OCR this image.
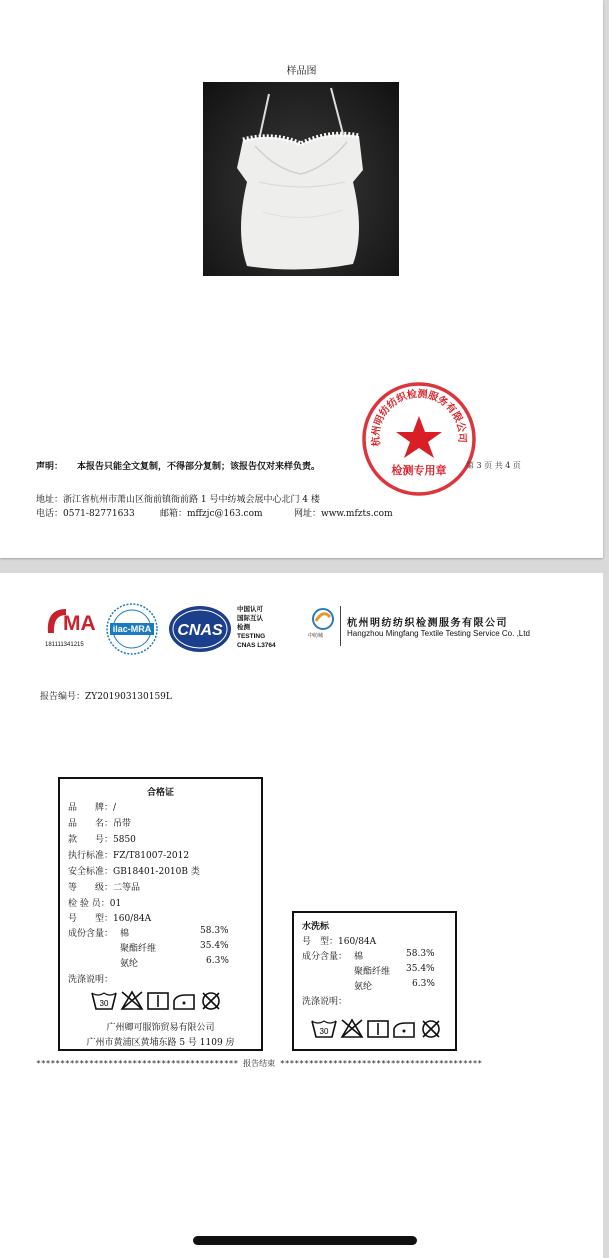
样品图
杭州明纺纺织检测服务有限公司
检测专用章
声明： 本报告只能全文复制，不得部分复制；该报告仅对来样负责。	第 3 页 共 4 页
地址：浙江省杭州市萧山区衙前镇衙前路 1 号中纺城会展中心北门 4 楼
电话：0571-82771633	邮箱：mffzjc@163.com	网址：www.mfzts.com
MA
181111341215
ilac-MRA CNAS
中国认可
国际互认
检测
TESTING
CNAS L3764
中纺城
杭州明纺纺织检测服务有限公司
Hangzhou Mingfang Textile Testing Service Co. ,Ltd
报告编号：ZY201903130159L
合格证
品　　牌：/
品　　名：吊带
款　　号：5850
执行标准：FZ/T81007-2012
安全标准：GB18401-2010B 类
等　　级：二等品
检 验 员：01
号　　型：160/84A
成份含量： 棉	58.3%
聚酯纤维	35.4%
氨纶	6.3%
洗涤说明：
30
广州卿可服饰贸易有限公司
广州市黄浦区黄埔东路 5 号 1109 房
水洗标
号　型：160/84A
成分含量： 棉	58.3%
聚酯纤维 35.4%
氨纶	6.3%
洗涤说明：
30
****************************************** 报告结束 ******************************************
